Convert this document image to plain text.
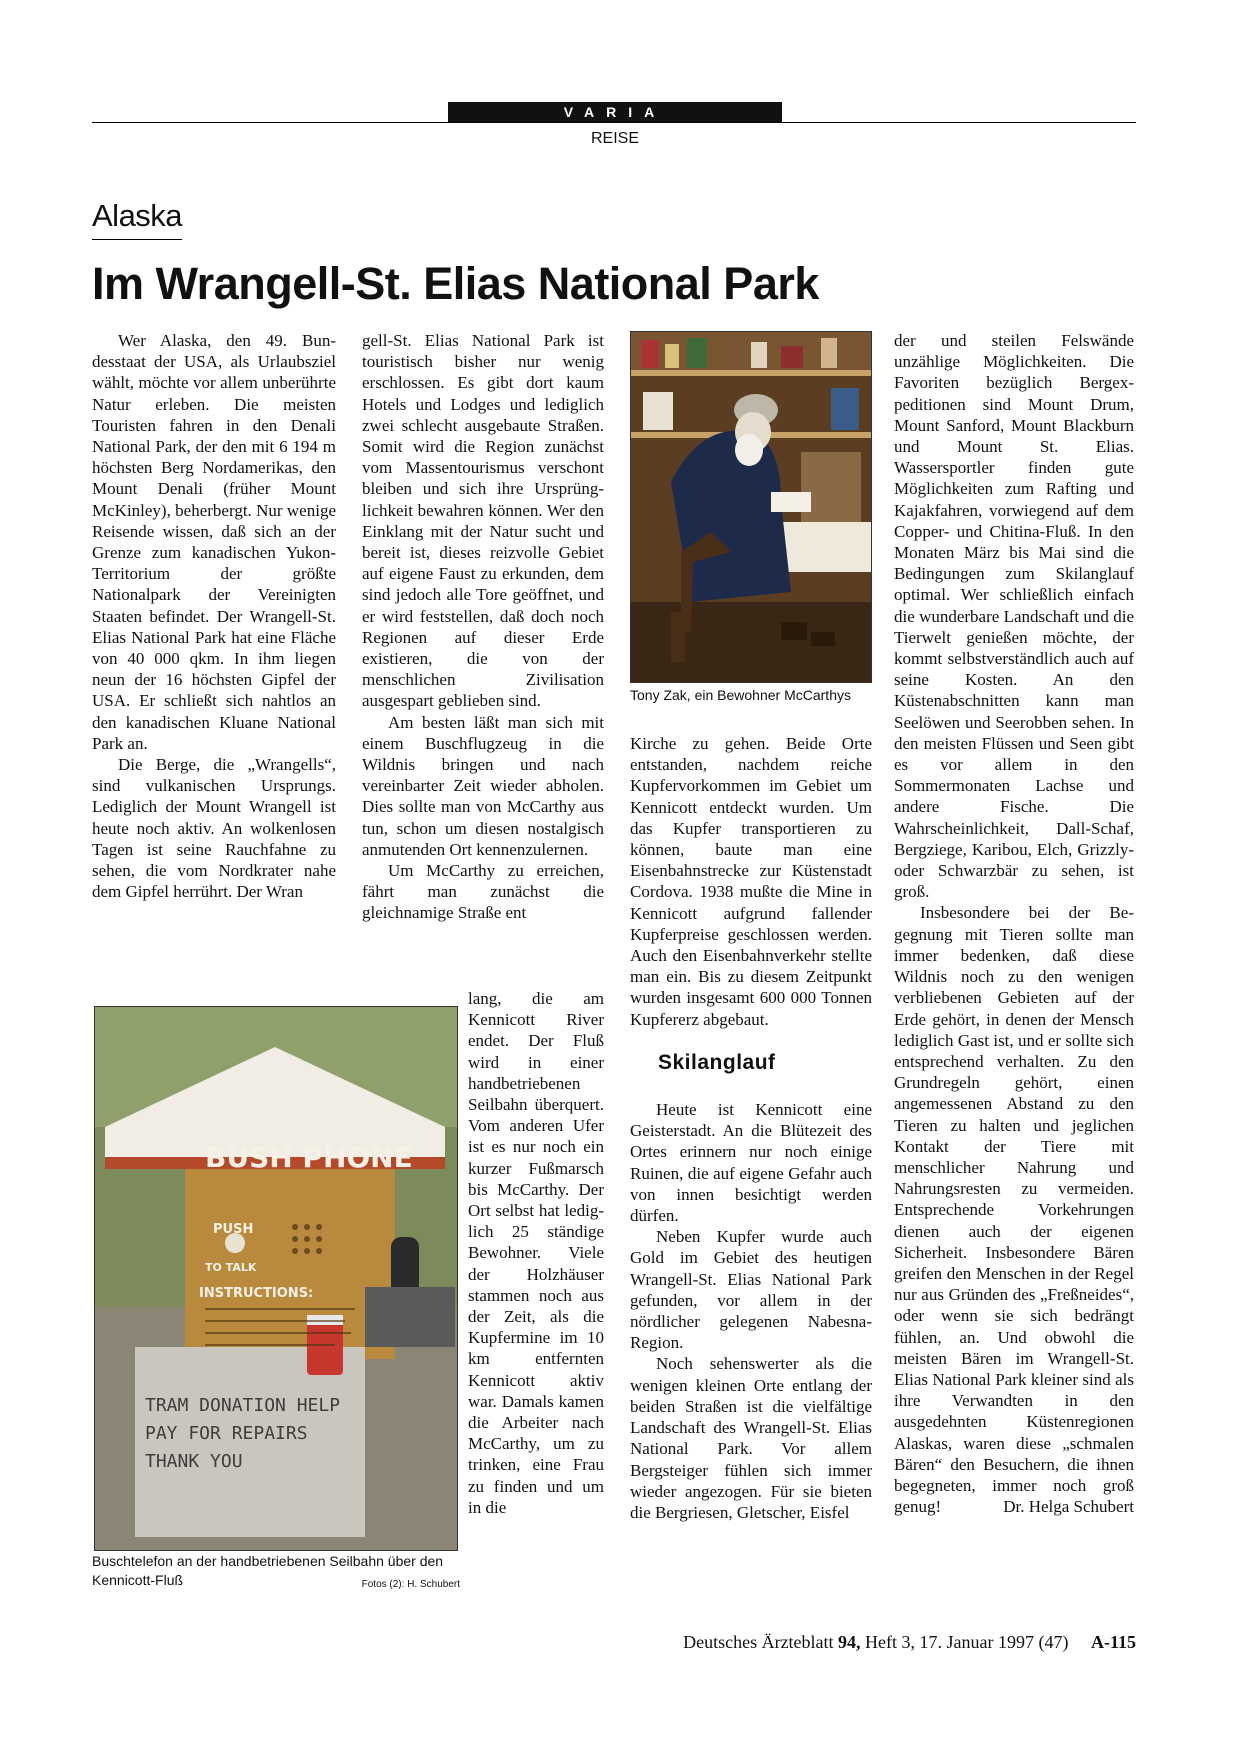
VARIA
REISE
Alaska
Im Wrangell-St. Elias National Park

Wer Alaska, den 49. Bundesstaat der USA, als Urlaubsziel wählt, möchte vor allem unberührte Natur erleben. Die meisten Touristen fahren in den Denali National Park, der den mit 6 194 m höchsten Berg Nordamerikas, den Mount Denali (früher Mount McKinley), beherbergt. Nur wenige Reisende wissen, daß sich an der Grenze zum kanadischen Yukon-Territorium der größte Nationalpark der Vereinigten Staaten befindet. Der Wrangell-St. Elias National Park hat eine Fläche von 40 000 qkm. In ihm liegen neun der 16 höchsten Gipfel der USA. Er schließt sich nahtlos an den kanadischen Kluane National Park an.

Die Berge, die „Wrangells“, sind vulkanischen Ursprungs. Lediglich der Mount Wrangell ist heute noch aktiv. An wolkenlosen Tagen ist seine Rauchfahne zu sehen, die vom Nordkrater nahe dem Gipfel herrührt. Der Wran

gell-St. Elias National Park ist touristisch bisher nur wenig erschlossen. Es gibt dort kaum Hotels und Lodges und lediglich zwei schlecht ausgebaute Straßen. Somit wird die Region zunächst vom Massentourismus verschont bleiben und sich ihre Ursprünglichkeit bewahren können. Wer den Einklang mit der Natur sucht und bereit ist, dieses reizvolle Gebiet auf eigene Faust zu erkunden, dem sind jedoch alle Tore geöffnet, und er wird feststellen, daß doch noch Regionen auf dieser Erde existieren, die von der menschlichen Zivilisation ausgespart geblieben sind.

Am besten läßt man sich mit einem Buschflugzeug in die Wildnis bringen und nach vereinbarter Zeit wieder abholen. Dies sollte man von McCarthy aus tun, schon um diesen nostalgisch anmutenden Ort kennenzulernen.

Um McCarthy zu erreichen, fährt man zunächst die gleichnamige Straße ent

lang, die am Kennicott River endet. Der Fluß wird in einer handbetriebenen Seilbahn überquert. Vom anderen Ufer ist es nur noch ein kurzer Fußmarsch bis McCarthy. Der Ort selbst hat lediglich 25 ständige Bewohner. Viele der Holzhäuser stammen noch aus der Zeit, als die Kupfermine im 10 km entfernten Kennicott aktiv war. Damals kamen die Arbeiter nach McCarthy, um zu trinken, eine Frau zu finden und um in die

Tony Zak, ein Bewohner McCarthys

Kirche zu gehen. Beide Orte entstanden, nachdem reiche Kupfervorkommen im Gebiet um Kennicott entdeckt wurden. Um das Kupfer transportieren zu können, baute man eine Eisenbahnstrecke zur Küstenstadt Cordova. 1938 mußte die Mine in Kennicott aufgrund fallender Kupferpreise geschlossen werden. Auch den Eisenbahnverkehr stellte man ein. Bis zu diesem Zeitpunkt wurden insgesamt 600 000 Tonnen Kupfererz abgebaut.

Skilanglauf

Heute ist Kennicott eine Geisterstadt. An die Blütezeit des Ortes erinnern nur noch einige Ruinen, die auf eigene Gefahr auch von innen besichtigt werden dürfen.

Neben Kupfer wurde auch Gold im Gebiet des heutigen Wrangell-St. Elias National Park gefunden, vor allem in der nördlicher gelegenen Nabesna-Region.

Noch sehenswerter als die wenigen kleinen Orte entlang der beiden Straßen ist die vielfältige Landschaft des Wrangell-St. Elias National Park. Vor allem Bergsteiger fühlen sich immer wieder angezogen. Für sie bieten die Bergriesen, Gletscher, Eisfel

der und steilen Felswände unzählige Möglichkeiten. Die Favoriten bezüglich Bergexpeditionen sind Mount Drum, Mount Sanford, Mount Blackburn und Mount St. Elias. Wassersportler finden gute Möglichkeiten zum Rafting und Kajakfahren, vorwiegend auf dem Copper- und Chitina-Fluß. In den Monaten März bis Mai sind die Bedingungen zum Skilanglauf optimal. Wer schließlich einfach die wunderbare Landschaft und die Tierwelt genießen möchte, der kommt selbstverständlich auch auf seine Kosten. An den Küstenabschnitten kann man Seelöwen und Seerobben sehen. In den meisten Flüssen und Seen gibt es vor allem in den Sommermonaten Lachse und andere Fische. Die Wahrscheinlichkeit, Dall-Schaf, Bergziege, Karibou, Elch, Grizzly- oder Schwarzbär zu sehen, ist groß.

Insbesondere bei der Begegnung mit Tieren sollte man immer bedenken, daß diese Wildnis noch zu den wenigen verbliebenen Gebieten auf der Erde gehört, in denen der Mensch lediglich Gast ist, und er sollte sich entsprechend verhalten. Zu den Grundregeln gehört, einen angemessenen Abstand zu den Tieren zu halten und jeglichen Kontakt der Tiere mit menschlicher Nahrung und Nahrungsresten zu vermeiden. Entsprechende Vorkehrungen dienen auch der eigenen Sicherheit. Insbesondere Bären greifen den Menschen in der Regel nur aus Gründen des „Freßneides“, oder wenn sie sich bedrängt fühlen, an. Und obwohl die meisten Bären im Wrangell-St. Elias National Park kleiner sind als ihre Verwandten in den ausgedehnten Küstenregionen Alaskas, waren diese „schmalen Bären“ den Besuchern, die ihnen begegneten, immer noch groß genug!	Dr. Helga Schubert

BUSH PHONE
PUSH
TO TALK
INSTRUCTIONS:
TRAM DONATION HELP PAY FOR REPAIRS THANK YOU
Buschtelefon an der handbetriebenen Seilbahn über den Kennicott-Fluß	Fotos (2): H. Schubert
Deutsches Ärzteblatt 94, Heft 3, 17. Januar 1997 (47) A-115
